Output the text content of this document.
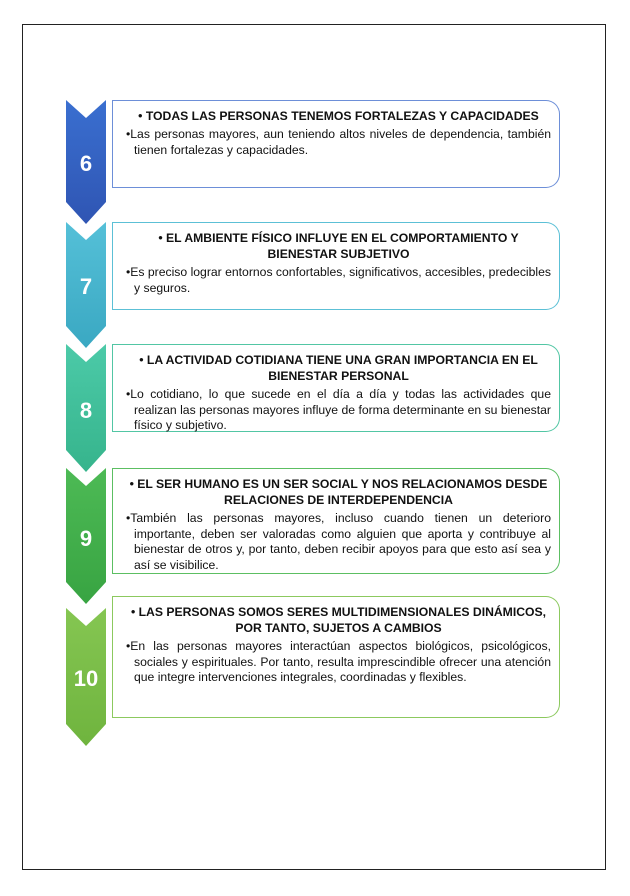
6
• TODAS LAS PERSONAS TENEMOS FORTALEZAS Y CAPACIDADES
•Las personas mayores, aun teniendo altos niveles de dependencia, también tienen fortalezas y capacidades.
7
• EL AMBIENTE FÍSICO INFLUYE EN EL COMPORTAMIENTO Y BIENESTAR SUBJETIVO
•Es preciso lograr entornos confortables, significativos, accesibles, predecibles y seguros.
8
• LA ACTIVIDAD COTIDIANA TIENE UNA GRAN IMPORTANCIA EN EL BIENESTAR PERSONAL
•Lo cotidiano, lo que sucede en el día a día y todas las actividades que realizan las personas mayores influye de forma determinante en su bienestar físico y subjetivo.
9
• EL SER HUMANO ES UN SER SOCIAL Y NOS RELACIONAMOS DESDE RELACIONES DE INTERDEPENDENCIA
•También las personas mayores, incluso cuando tienen un deterioro importante, deben ser valoradas como alguien que aporta y contribuye al bienestar de otros y, por tanto, deben recibir apoyos para que esto así sea y así se visibilice.
10
• LAS PERSONAS SOMOS SERES MULTIDIMENSIONALES DINÁMICOS, POR TANTO, SUJETOS A CAMBIOS
•En las personas mayores interactúan aspectos biológicos, psicológicos, sociales y espirituales. Por tanto, resulta imprescindible ofrecer una atención que integre intervenciones integrales, coordinadas y flexibles.
